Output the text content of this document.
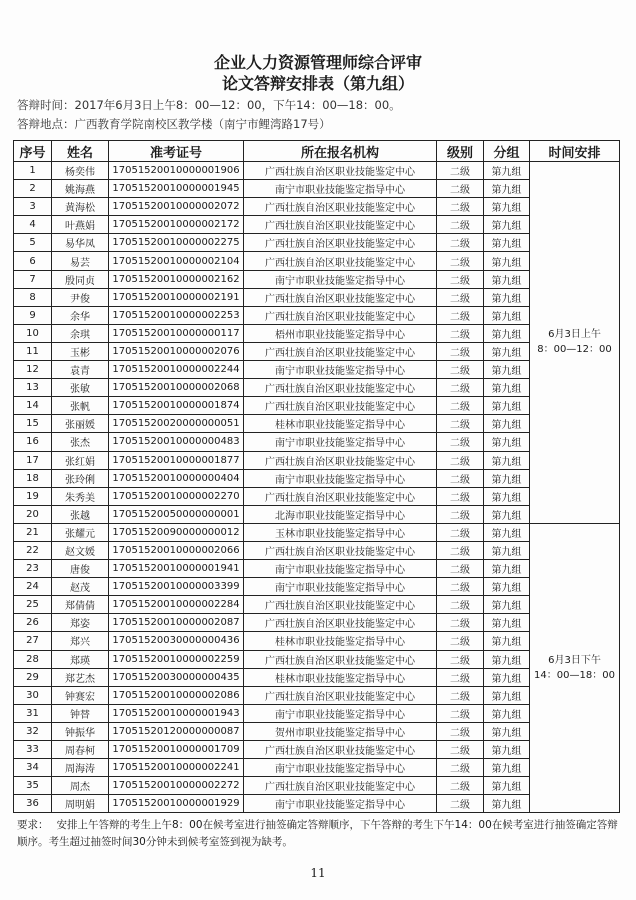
企业人力资源管理师综合评审
论文答辩安排表（第九组）
答辩时间：2017年6月3日上午8：00—12：00，下午14：00—18：00。
答辩地点：广西教育学院南校区教学楼（南宁市鲤湾路17号）
序号	姓名	准考证号	所在报名机构	级别	分组	时间安排
1	杨奕伟	17051520010000001906	广西壮族自治区职业技能鉴定中心	二级	第九组	6月3日上午
8：00—12：00

2	姚海燕	17051520010000001945	南宁市职业技能鉴定指导中心	二级	第九组	
3	黄海松	17051520010000002072	广西壮族自治区职业技能鉴定中心	二级	第九组	
4	叶燕娟	17051520010000002172	广西壮族自治区职业技能鉴定中心	二级	第九组	
5	易华凤	17051520010000002275	广西壮族自治区职业技能鉴定中心	二级	第九组	
6	易芸	17051520010000002104	广西壮族自治区职业技能鉴定中心	二级	第九组	
7	殷同贞	17051520010000002162	南宁市职业技能鉴定指导中心	二级	第九组	
8	尹俊	17051520010000002191	广西壮族自治区职业技能鉴定中心	二级	第九组	
9	余华	17051520010000002253	广西壮族自治区职业技能鉴定中心	二级	第九组	
10	余琪	17051520010000000117	梧州市职业技能鉴定指导中心	二级	第九组	
11	玉彬	17051520010000002076	广西壮族自治区职业技能鉴定中心	二级	第九组	
12	袁青	17051520010000002244	南宁市职业技能鉴定指导中心	二级	第九组	
13	张敏	17051520010000002068	广西壮族自治区职业技能鉴定中心	二级	第九组	
14	张帆	17051520010000001874	广西壮族自治区职业技能鉴定中心	二级	第九组	
15	张丽媛	17051520020000000051	桂林市职业技能鉴定指导中心	二级	第九组	
16	张杰	17051520010000000483	南宁市职业技能鉴定指导中心	二级	第九组	
17	张红娟	17051520010000001877	广西壮族自治区职业技能鉴定中心	二级	第九组	
18	张玲俐	17051520010000000404	南宁市职业技能鉴定指导中心	二级	第九组	
19	朱秀美	17051520010000002270	广西壮族自治区职业技能鉴定中心	二级	第九组	
20	张越	17051520050000000001	北海市职业技能鉴定指导中心	二级	第九组	
21	张耀元	17051520090000000012	玉林市职业技能鉴定指导中心	二级	第九组	6月3日下午
14：00—18：00

22	赵文媛	17051520010000002066	广西壮族自治区职业技能鉴定中心	二级	第九组	
23	唐俊	17051520010000001941	南宁市职业技能鉴定指导中心	二级	第九组	
24	赵茂	17051520010000003399	南宁市职业技能鉴定指导中心	二级	第九组	
25	郑倩倩	17051520010000002284	广西壮族自治区职业技能鉴定中心	二级	第九组	
26	郑姿	17051520010000002087	广西壮族自治区职业技能鉴定中心	二级	第九组	
27	郑兴	17051520030000000436	桂林市职业技能鉴定指导中心	二级	第九组	
28	郑瑛	17051520010000002259	广西壮族自治区职业技能鉴定中心	二级	第九组	
29	郑艺杰	17051520030000000435	桂林市职业技能鉴定指导中心	二级	第九组	
30	钟赛宏	17051520010000002086	广西壮族自治区职业技能鉴定中心	二级	第九组	
31	钟替	17051520010000001943	南宁市职业技能鉴定指导中心	二级	第九组	
32	钟振华	17051520120000000087	贺州市职业技能鉴定指导中心	二级	第九组	
33	周春柯	17051520010000001709	广西壮族自治区职业技能鉴定中心	二级	第九组	
34	周海涛	17051520010000002241	南宁市职业技能鉴定指导中心	二级	第九组	
35	周杰	17051520010000002272	广西壮族自治区职业技能鉴定中心	二级	第九组	
36	周明娟	17051520010000001929	南宁市职业技能鉴定指导中心	二级	第九组	
要求： 安排上午答辩的考生上午8：00在候考室进行抽签确定答辩顺序，下午答辩的考生下午14：00在候考室进行抽签确定答辩顺序。考生超过抽签时间30分钟未到候考室签到视为缺考。
11
